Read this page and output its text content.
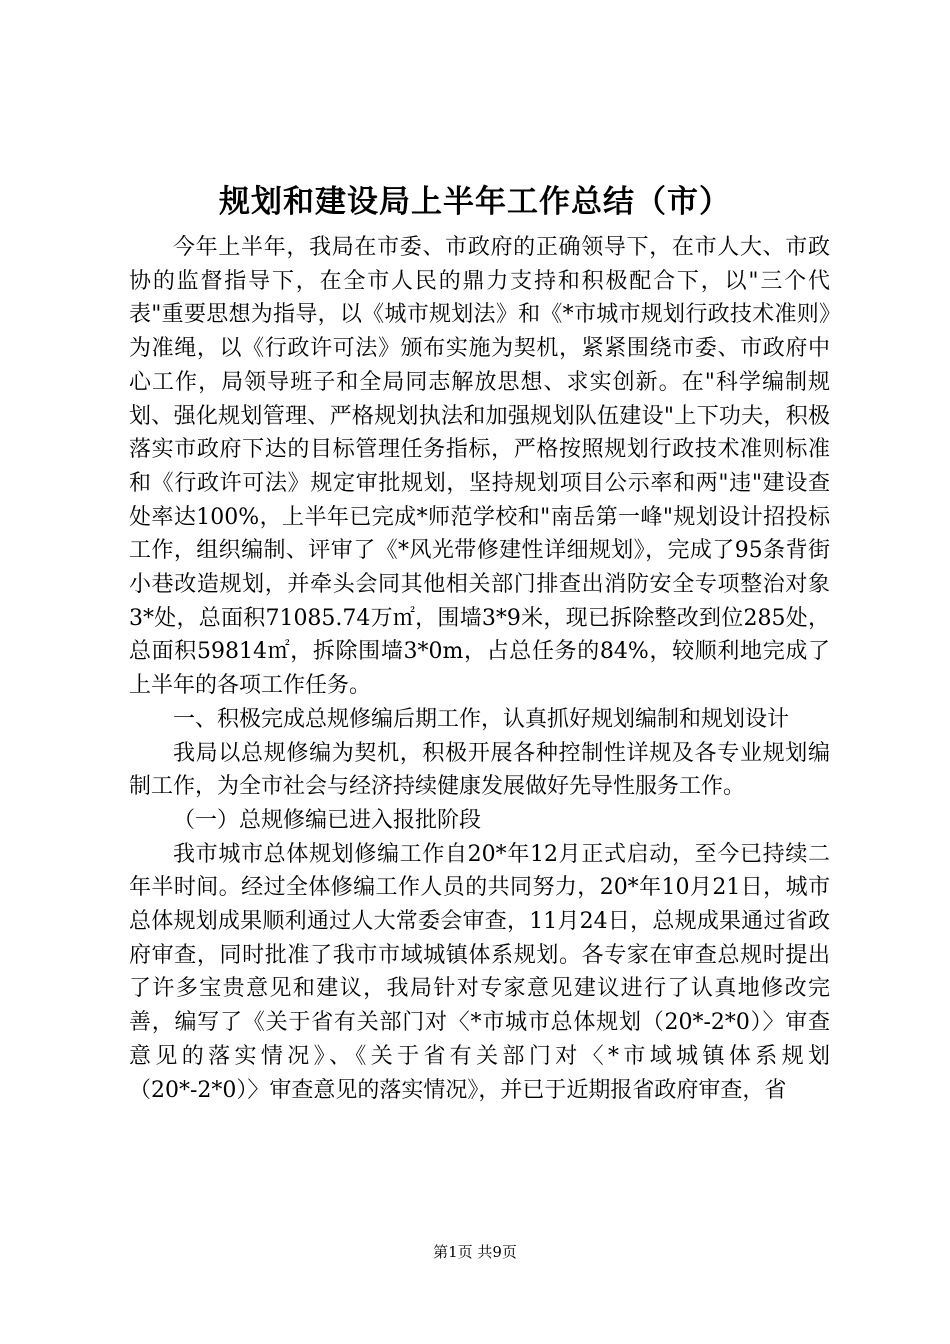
规划和建设局上半年工作总结（市）

今年上半年，我局在市委、市政府的正确领导下，在市人大、市政协的监督指导下，在全市人民的鼎力支持和积极配合下，以"三个代表"重要思想为指导，以《城市规划法》和《*市城市规划行政技术准则》为准绳，以《行政许可法》颁布实施为契机，紧紧围绕市委、市政府中心工作，局领导班子和全局同志解放思想、求实创新。在"科学编制规划、强化规划管理、严格规划执法和加强规划队伍建设"上下功夫，积极落实市政府下达的目标管理任务指标，严格按照规划行政技术准则标准和《行政许可法》规定审批规划，坚持规划项目公示率和两"违"建设查处率达100%，上半年已完成*师范学校和"南岳第一峰"规划设计招投标工作，组织编制、评审了《*风光带修建性详细规划》，完成了95条背街小巷改造规划，并牵头会同其他相关部门排查出消防安全专项整治对象3*处，总面积71085.74万㎡，围墙3*9米，现已拆除整改到位285处，总面积59814㎡，拆除围墙3*0m，占总任务的84%，较顺利地完成了上半年的各项工作任务。

一、积极完成总规修编后期工作，认真抓好规划编制和规划设计

我局以总规修编为契机，积极开展各种控制性详规及各专业规划编制工作，为全市社会与经济持续健康发展做好先导性服务工作。

（一）总规修编已进入报批阶段

我市城市总体规划修编工作自20*年12月正式启动，至今已持续二年半时间。经过全体修编工作人员的共同努力，20*年10月21日，城市总体规划成果顺利通过人大常委会审查，11月24日，总规成果通过省政府审查，同时批准了我市市域城镇体系规划。各专家在审查总规时提出了许多宝贵意见和建议，我局针对专家意见建议进行了认真地修改完善，编写了《关于省有关部门对〈*市城市总体规划（20*-2*0）〉审查意见的落实情况》、《关于省有关部门对〈*市域城镇体系规划（20*-2*0）〉审查意见的落实情况》，并已于近期报省政府审查，省

第1页 共9页
